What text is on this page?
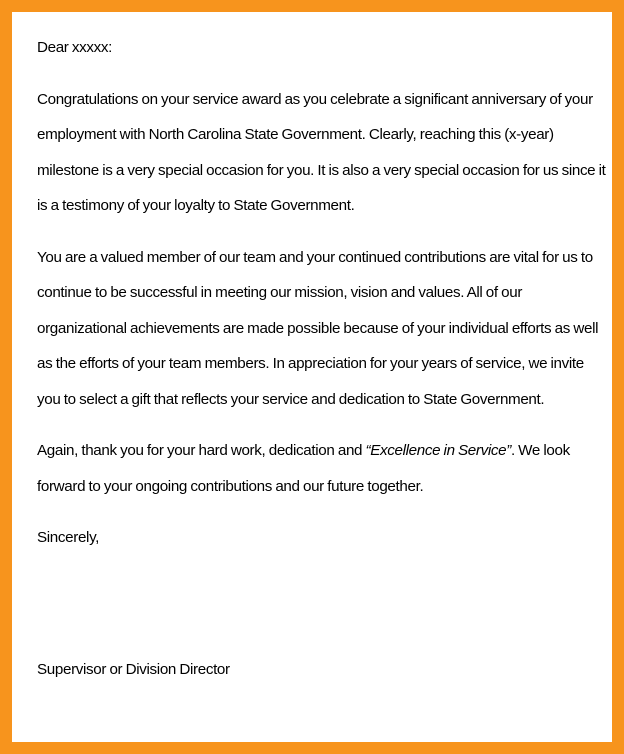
Dear xxxxx:

Congratulations on your service award as you celebrate a significant anniversary of your employment with North Carolina State Government. Clearly, reaching this (x-year) milestone is a very special occasion for you. It is also a very special occasion for us since it is a testimony of your loyalty to State Government.

You are a valued member of our team and your continued contributions are vital for us to continue to be successful in meeting our mission, vision and values. All of our organizational achievements are made possible because of your individual efforts as well as the efforts of your team members. In appreciation for your years of service, we invite you to select a gift that reflects your service and dedication to State Government.

Again, thank you for your hard work, dedication and “Excellence in Service”. We look forward to your ongoing contributions and our future together.

Sincerely,

Supervisor or Division Director
